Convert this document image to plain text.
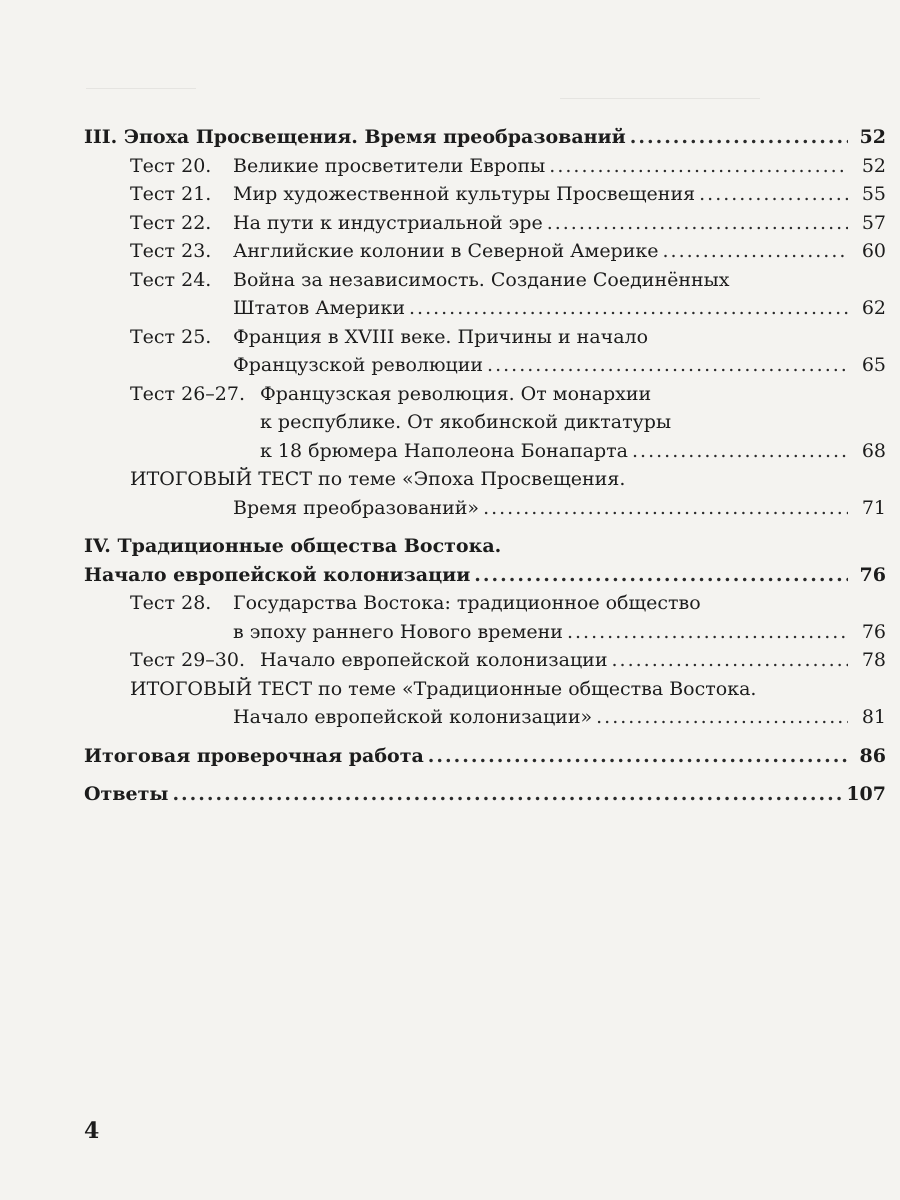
III. Эпоха Просвещения. Время преобразований .....	52
Тест 20.	Великие просветители Европы .....	52
Тест 21.	Мир художественной культуры Просвещения .....	55
Тест 22.	На пути к индустриальной эре .....	57
Тест 23.	Английские колонии в Северной Америке .....	60
Тест 24.	Война за независимость. Создание Соединённых
Штатов Америки .....	62
Тест 25.	Франция в XVIII веке. Причины и начало
Французской революции .....	65
Тест 26–27. Французская революция. От монархии
к республике. От якобинской диктатуры
к 18 брюмера Наполеона Бонапарта .....	68
ИТОГОВЫЙ ТЕСТ по теме «Эпоха Просвещения.
Время преобразований» .....	71
IV. Традиционные общества Востока.
Начало европейской колонизации .....	76
Тест 28.	Государства Востока: традиционное общество
в эпоху раннего Нового времени .....	76
Тест 29–30. Начало европейской колонизации .....	78
ИТОГОВЫЙ ТЕСТ по теме «Традиционные общества Востока.
Начало европейской колонизации» .....	81
Итоговая проверочная работа .....	86
Ответы .....	107
4
